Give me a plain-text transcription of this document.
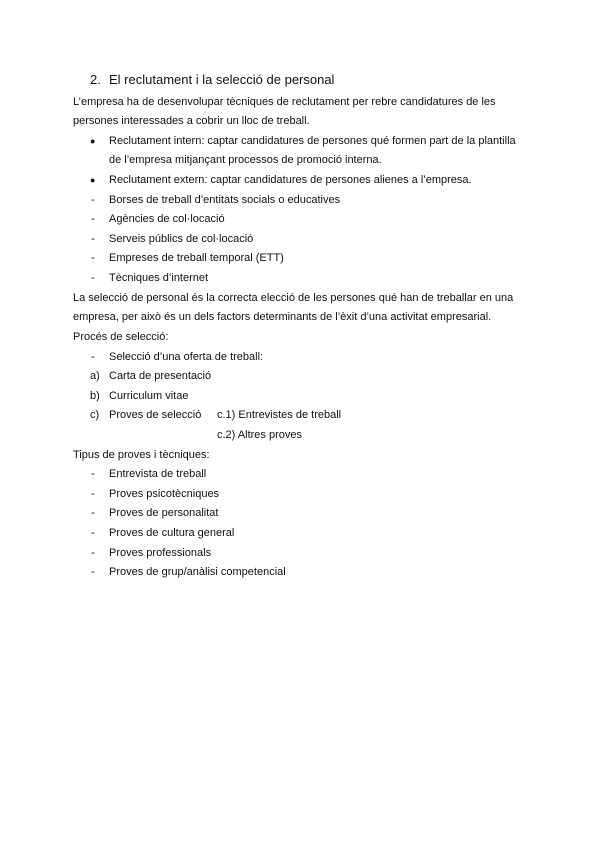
2. El reclutament i la selecció de personal
L’empresa ha de desenvolupar tècniques de reclutament per rebre candidatures de les
persones interessades a cobrir un lloc de treball.
● Reclutament intern: captar candidatures de persones qué formen part de la plantilla
de l’empresa mitjançant processos de promoció interna.
● Reclutament extern: captar candidatures de persones alienes a l’empresa.
- Borses de treball d’entitats socials o educatives
- Agències de col·locació
- Serveis públics de col·locació
- Empreses de treball temporal (ETT)
- Tècniques d’internet
La selecció de personal és la correcta elecció de les persones qué han de treballar en una
empresa, per això és un dels factors determinants de l’èxit d’una activitat empresarial.
Procés de selecció:
- Selecció d’una oferta de treball:
a) Carta de presentació
b) Curriculum vitae
c) Proves de selecció c.1) Entrevistes de treball
c.2) Altres proves
Tipus de proves i tècniques:
- Entrevista de treball
- Proves psicotècniques
- Proves de personalitat
- Proves de cultura general
- Proves professionals
- Proves de grup/anàlisi competencial
